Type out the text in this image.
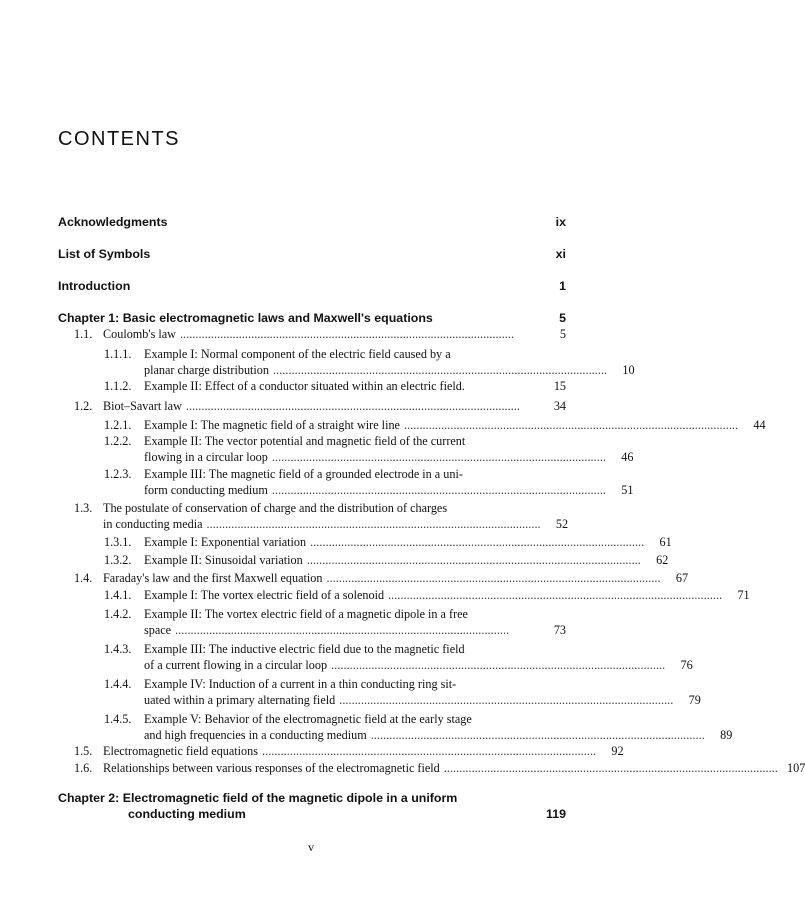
CONTENTS
Acknowledgments	ix
List of Symbols	xi
Introduction	1
Chapter 1: Basic electromagnetic laws and Maxwell's equations	5
1.1. Coulomb's law . . .	5
1.1.1.	Example I: Normal component of the electric field caused by a
planar charge distribution . . .	10
1.1.2.	Example II: Effect of a conductor situated within an electric field.	15
1.2. Biot–Savart law . . .	34
1.2.1.	Example I: The magnetic field of a straight wire line . . .	44
1.2.2.	Example II: The vector potential and magnetic field of the current
flowing in a circular loop . . .	46
1.2.3.	Example III: The magnetic field of a grounded electrode in a uni-
form conducting medium . . .	51
1.3. The postulate of conservation of charge and the distribution of charges
in conducting media . . .	52
1.3.1.	Example I: Exponential variation . . .	61
1.3.2.	Example II: Sinusoidal variation . . .	62
1.4. Faraday's law and the first Maxwell equation . . .	67
1.4.1.	Example I: The vortex electric field of a solenoid . . .	71
1.4.2.	Example II: The vortex electric field of a magnetic dipole in a free
space . . .	73
1.4.3.	Example III: The inductive electric field due to the magnetic field
of a current flowing in a circular loop . . .	76
1.4.4.	Example IV: Induction of a current in a thin conducting ring sit-
uated within a primary alternating field . . .	79
1.4.5.	Example V: Behavior of the electromagnetic field at the early stage
and high frequencies in a conducting medium . . .	89
1.5. Electromagnetic field equations . . .	92
1.6. Relationships between various responses of the electromagnetic field . . .	107
Chapter 2: Electromagnetic field of the magnetic dipole in a uniform
conducting medium	119
v
